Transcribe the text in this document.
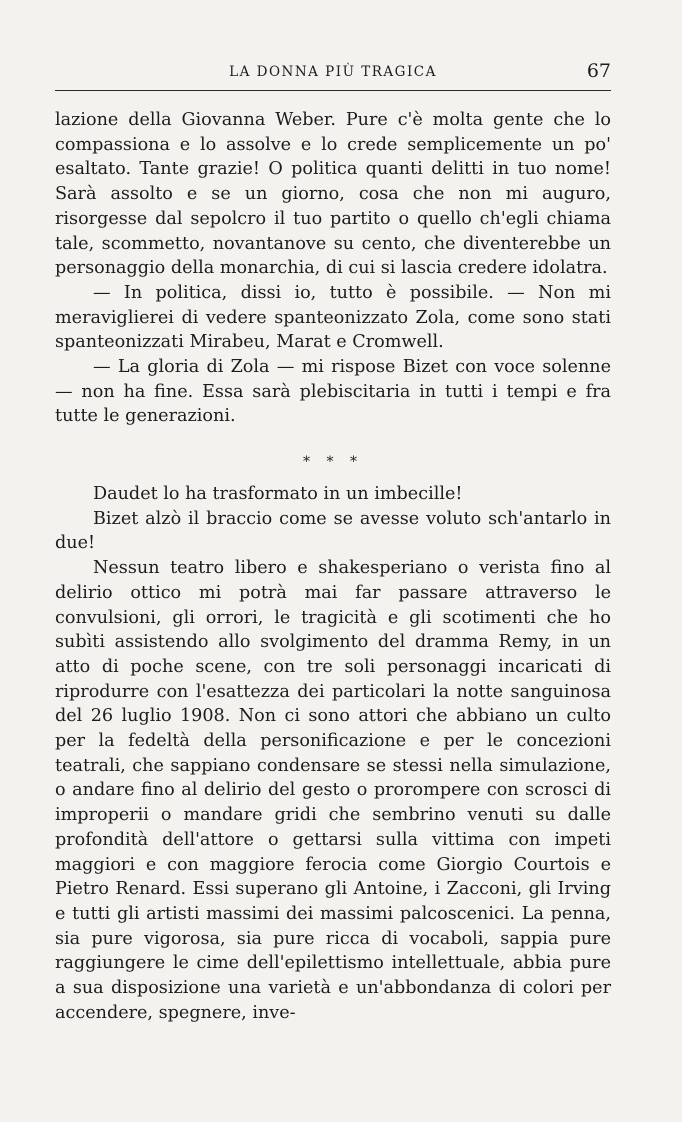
LA DONNA PIÙ TRAGICA	67

lazione della Giovanna Weber. Pure c'è molta gente che lo compassiona e lo assolve e lo crede semplicemente un po' esaltato. Tante grazie! O politica quanti delitti in tuo nome! Sarà assolto e se un giorno, cosa che non mi auguro, risorgesse dal sepolcro il tuo partito o quello ch'egli chiama tale, scommetto, novantanove su cento, che diventerebbe un personaggio della monarchia, di cui si lascia credere idolatra.

— In politica, dissi io, tutto è possibile. — Non mi meraviglierei di vedere spanteonizzato Zola, come sono stati spanteonizzati Mirabeu, Marat e Cromwell.

— La gloria di Zola — mi rispose Bizet con voce solenne — non ha fine. Essa sarà plebiscitaria in tutti i tempi e fra tutte le generazioni.

* * *

Daudet lo ha trasformato in un imbecille!

Bizet alzò il braccio come se avesse voluto sch'antarlo in due!

Nessun teatro libero e shakesperiano o verista fino al delirio ottico mi potrà mai far passare attraverso le convulsioni, gli orrori, le tragicità e gli scotimenti che ho subìti assistendo allo svolgimento del dramma Remy, in un atto di poche scene, con tre soli personaggi incaricati di riprodurre con l'esattezza dei particolari la notte sanguinosa del 26 luglio 1908. Non ci sono attori che abbiano un culto per la fedeltà della personificazione e per le concezioni teatrali, che sappiano condensare se stessi nella simulazione, o andare fino al delirio del gesto o prorompere con scrosci di improperii o mandare gridi che sembrino venuti su dalle profondità dell'attore o gettarsi sulla vittima con impeti maggiori e con maggiore ferocia come Giorgio Courtois e Pietro Renard. Essi superano gli Antoine, i Zacconi, gli Irving e tutti gli artisti massimi dei massimi palcoscenici. La penna, sia pure vigorosa, sia pure ricca di vocaboli, sappia pure raggiungere le cime dell'epilettismo intellettuale, abbia pure a sua disposizione una varietà e un'abbondanza di colori per accendere, spegnere, inve-
